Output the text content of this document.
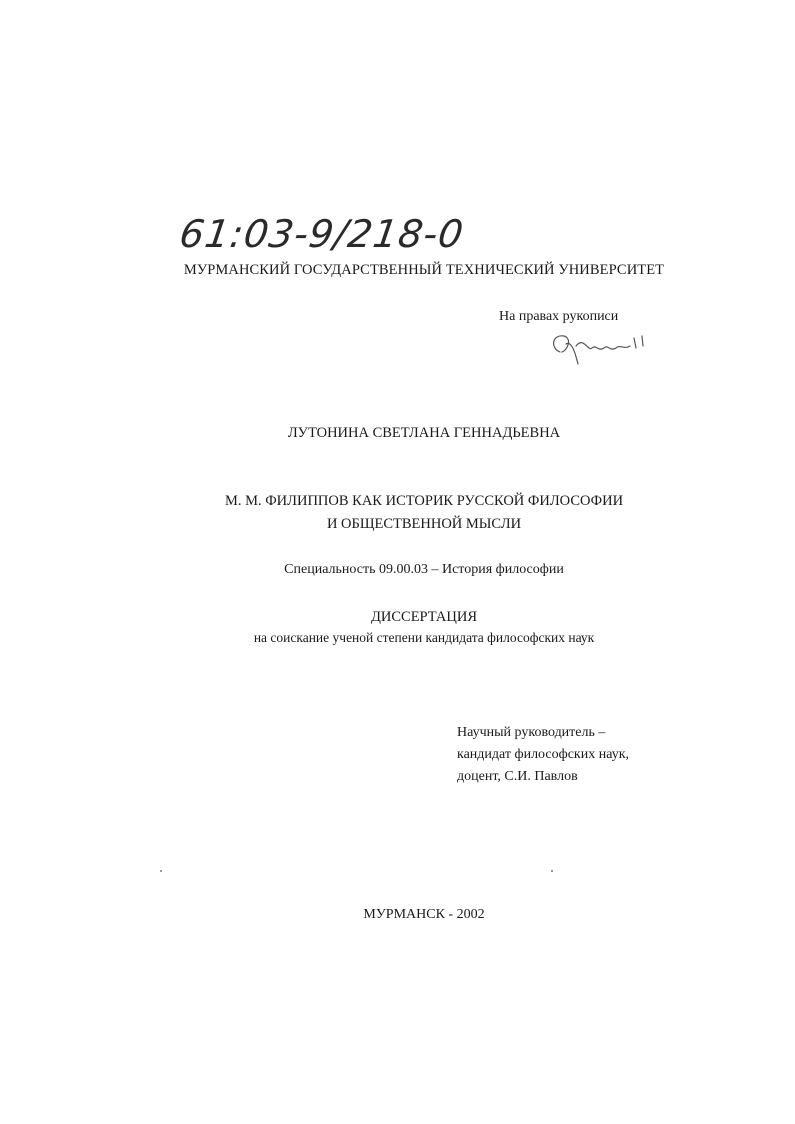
61:03-9/218-0
МУРМАНСКИЙ ГОСУДАРСТВЕННЫЙ ТЕХНИЧЕСКИЙ УНИВЕРСИТЕТ
На правах рукописи
ЛУТОНИНА СВЕТЛАНА ГЕННАДЬЕВНА
М. М. ФИЛИППОВ КАК ИСТОРИК РУССКОЙ ФИЛОСОФИИ
И ОБЩЕСТВЕННОЙ МЫСЛИ
Специальность 09.00.03 – История философии
ДИССЕРТАЦИЯ
на соискание ученой степени кандидата философских наук
Научный руководитель –
кандидат философских наук,
доцент, С.И. Павлов
МУРМАНСК - 2002
